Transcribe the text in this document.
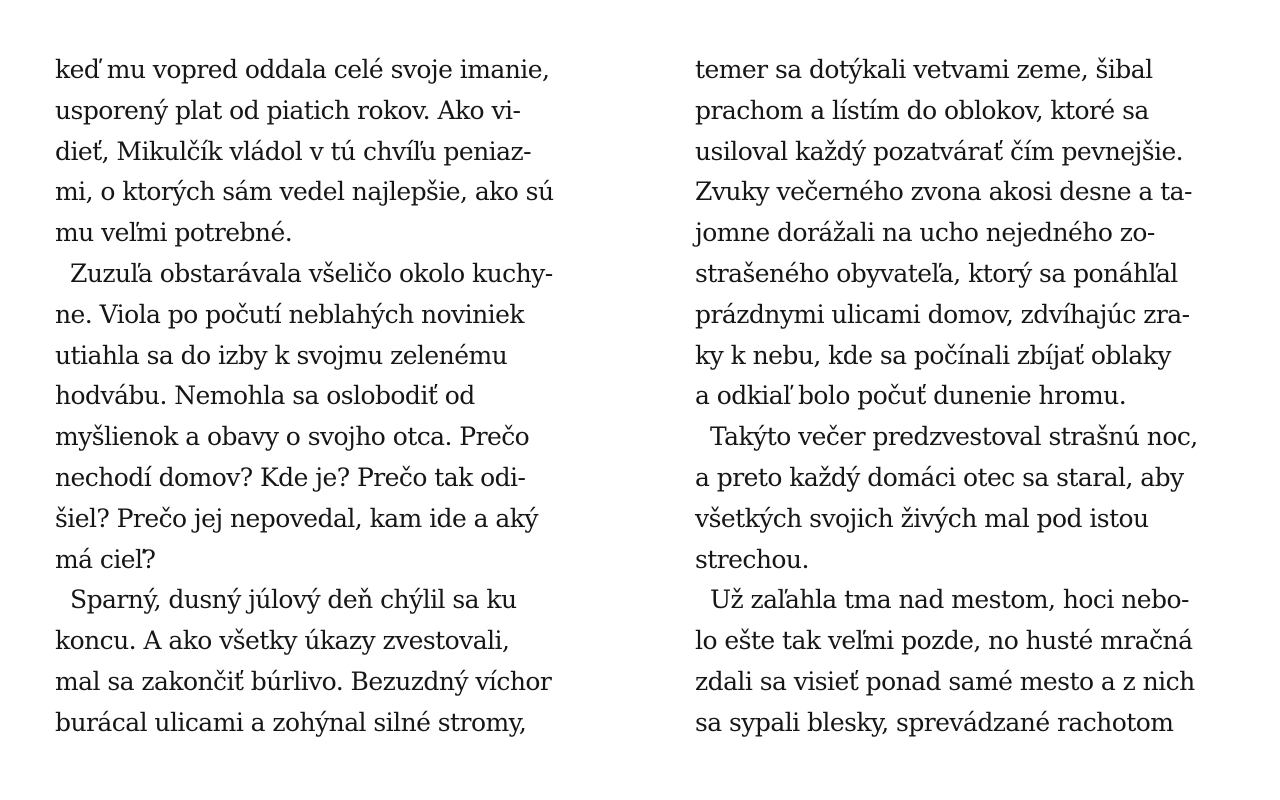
keď mu vopred oddala celé svoje imanie,
usporený plat od piatich rokov. Ako vi-
dieť, Mikulčík vládol v tú chvíľu peniaz-
mi, o ktorých sám vedel najlepšie, ako sú
mu veľmi potrebné.
Zuzuľa obstarávala všeličo okolo kuchy-
ne. Viola po počutí neblahých noviniek
utiahla sa do izby k svojmu zelenému
hodvábu. Nemohla sa oslobodiť od
myšlienok a obavy o svojho otca. Prečo
nechodí domov? Kde je? Prečo tak odi-
šiel? Prečo jej nepovedal, kam ide a aký
má cieľ?
Sparný, dusný júlový deň chýlil sa ku
koncu. A ako všetky úkazy zvestovali,
mal sa zakončiť búrlivo. Bezuzdný víchor
burácal ulicami a zohýnal silné stromy,
temer sa dotýkali vetvami zeme, šibal
prachom a lístím do oblokov, ktoré sa
usiloval každý pozatvárať čím pevnejšie.
Zvuky večerného zvona akosi desne a ta-
jomne dorážali na ucho nejedného zo-
strašeného obyvateľa, ktorý sa ponáhľal
prázdnymi ulicami domov, zdvíhajúc zra-
ky k nebu, kde sa počínali zbíjať oblaky
a odkiaľ bolo počuť dunenie hromu.
Takýto večer predzvestoval strašnú noc,
a preto každý domáci otec sa staral, aby
všetkých svojich živých mal pod istou
strechou.
Už zaľahla tma nad mestom, hoci nebo-
lo ešte tak veľmi pozde, no husté mračná
zdali sa visieť ponad samé mesto a z nich
sa sypali blesky, sprevádzané rachotom
